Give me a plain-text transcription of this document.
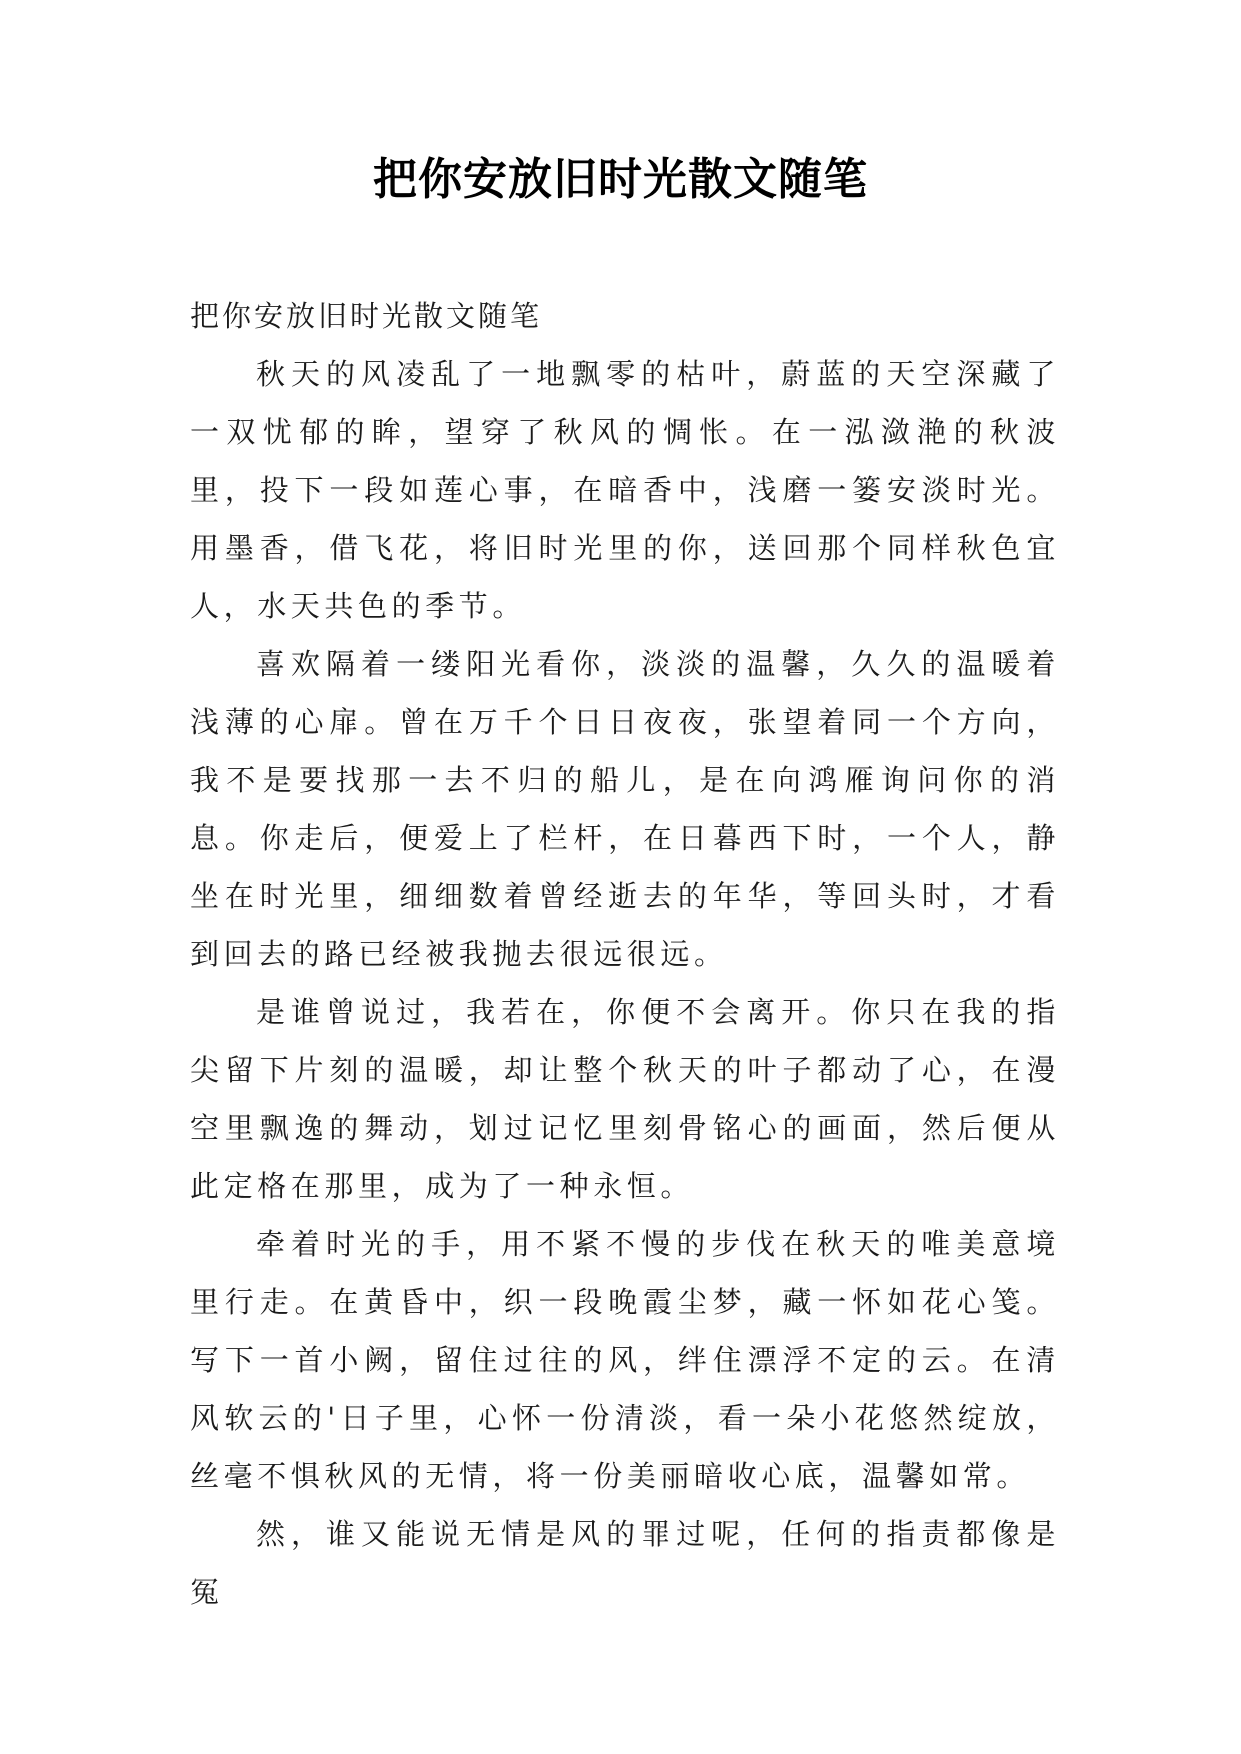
把你安放旧时光散文随笔

把你安放旧时光散文随笔

秋天的风凌乱了一地飘零的枯叶，蔚蓝的天空深藏了一双忧郁的眸，望穿了秋风的惆怅。在一泓潋滟的秋波里，投下一段如莲心事，在暗香中，浅磨一篓安淡时光。用墨香，借飞花，将旧时光里的你，送回那个同样秋色宜人，水天共色的季节。

喜欢隔着一缕阳光看你，淡淡的温馨，久久的温暖着浅薄的心扉。曾在万千个日日夜夜，张望着同一个方向，我不是要找那一去不归的船儿，是在向鸿雁询问你的消息。你走后，便爱上了栏杆，在日暮西下时，一个人，静坐在时光里，细细数着曾经逝去的年华，等回头时，才看到回去的路已经被我抛去很远很远。

是谁曾说过，我若在，你便不会离开。你只在我的指尖留下片刻的温暖，却让整个秋天的叶子都动了心，在漫空里飘逸的舞动，划过记忆里刻骨铭心的画面，然后便从此定格在那里，成为了一种永恒。

牵着时光的手，用不紧不慢的步伐在秋天的唯美意境里行走。在黄昏中，织一段晚霞尘梦，藏一怀如花心笺。写下一首小阙，留住过往的风，绊住漂浮不定的云。在清风软云的'日子里，心怀一份清淡，看一朵小花悠然绽放，丝毫不惧秋风的无情，将一份美丽暗收心底，温馨如常。

然，谁又能说无情是风的罪过呢，任何的指责都像是冤
